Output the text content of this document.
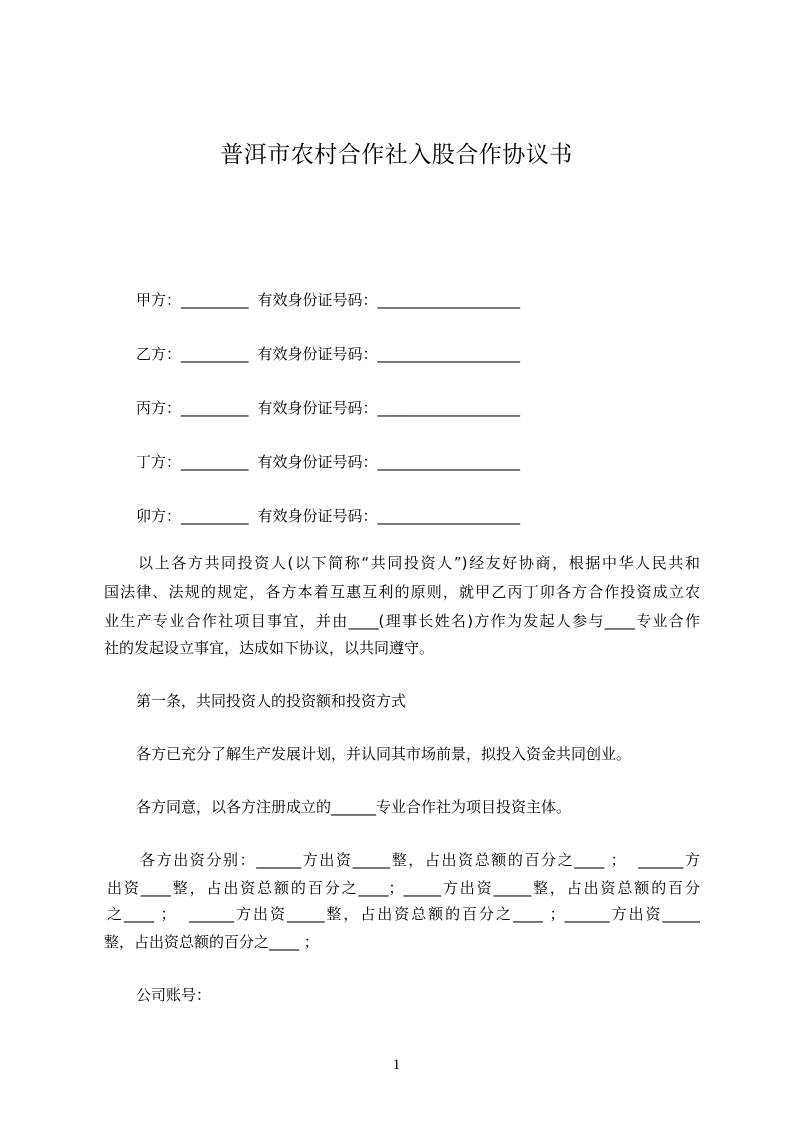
普洱市农村合作社入股合作协议书
甲方：_________ 有效身份证号码：___________________
乙方：_________ 有效身份证号码：___________________
丙方：_________ 有效身份证号码：___________________
丁方：_________ 有效身份证号码：___________________
卯方：_________ 有效身份证号码：___________________
以上各方共同投资人(以下简称“共同投资人”)经友好协商，根据中华人民共和
国法律、法规的规定，各方本着互惠互利的原则，就甲乙丙丁卯各方合作投资成立农
业生产专业合作社项目事宜，并由____(理事长姓名)方作为发起人参与____专业合作
社的发起设立事宜，达成如下协议，以共同遵守。
第一条，共同投资人的投资额和投资方式
各方已充分了解生产发展计划，并认同其市场前景，拟投入资金共同创业。
各方同意，以各方注册成立的______专业合作社为项目投资主体。
各方出资分别：______方出资_____整，占出资总额的百分之____ ；  ______方
出资____整，占出资总额的百分之____；_____方出资_____整，占出资总额的百分
之____ ；  ______方出资_____整，占出资总额的百分之____ ；______方出资_____
整，占出资总额的百分之____ ；
公司账号：
1
